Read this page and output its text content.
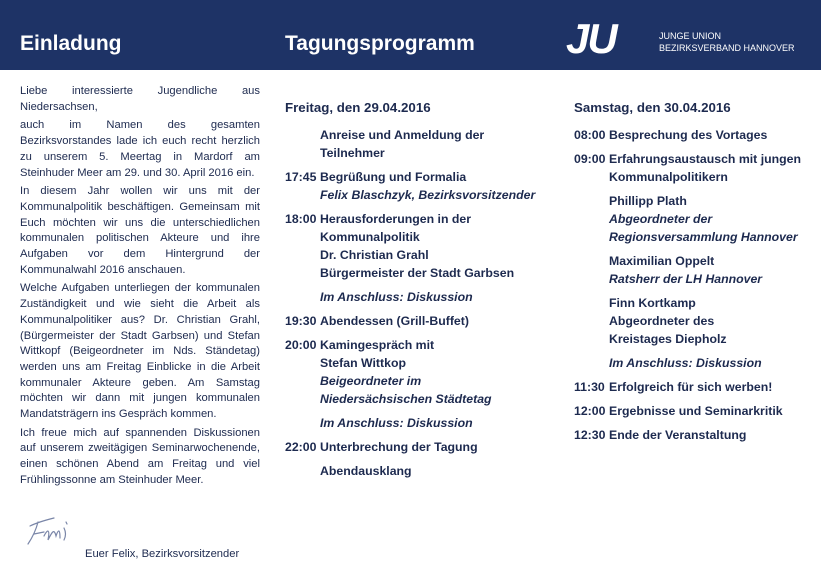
Einladung	Tagungsprogramm JU	JUNGE UNION
BEZIRKSVERBAND HANNOVER

Liebe interessierte Jugendliche aus Niedersachsen,

auch im Namen des gesamten Bezirksvorstandes lade ich euch recht herzlich zu unserem 5. Meertag in Mardorf am Steinhuder Meer am 29. und 30. April 2016 ein.

In diesem Jahr wollen wir uns mit der Kommunalpolitik beschäftigen. Gemeinsam mit Euch möchten wir uns die unterschiedlichen kommunalen politischen Akteure und ihre Aufgaben vor dem Hintergrund der Kommunalwahl 2016 anschauen.

Welche Aufgaben unterliegen der kommunalen Zuständigkeit und wie sieht die Arbeit als Kommunalpolitiker aus? Dr. Christian Grahl, (Bürgermeister der Stadt Garbsen) und Stefan Wittkopf (Beigeordneter im Nds. Ständetag) werden uns am Freitag Einblicke in die Arbeit kommunaler Akteure geben. Am Samstag möchten wir dann mit jungen kommunalen Mandatsträgern ins Gespräch kommen.

Ich freue mich auf spannenden Diskussionen auf unserem zweitägigen Seminarwochenende, einen schönen Abend am Freitag und viel Frühlingssonne am Steinhuder Meer.

Euer Felix, Bezirksvorsitzender
Freitag, den 29.04.2016
Anreise und Anmeldung der
Teilnehmer
17:45 Begrüßung und Formalia
Felix Blaschzyk, Bezirksvorsitzender
18:00 Herausforderungen in der
Kommunalpolitik
Dr. Christian Grahl
Bürgermeister der Stadt Garbsen
Im Anschluss: Diskussion
19:30 Abendessen (Grill-Buffet)
20:00 Kamingespräch mit
Stefan Wittkop
Beigeordneter im
Niedersächsischen Städtetag
Im Anschluss: Diskussion
22:00 Unterbrechung der Tagung
Abendausklang
Samstag, den 30.04.2016
08:00 Besprechung des Vortages
09:00 Erfahrungsaustausch mit jungen
Kommunalpolitikern
Phillipp Plath
Abgeordneter der
Regionsversammlung Hannover
Maximilian Oppelt
Ratsherr der LH Hannover
Finn Kortkamp
Abgeordneter des
Kreistages Diepholz
Im Anschluss: Diskussion
11:30 Erfolgreich für sich werben!
12:00 Ergebnisse und Seminarkritik
12:30 Ende der Veranstaltung
